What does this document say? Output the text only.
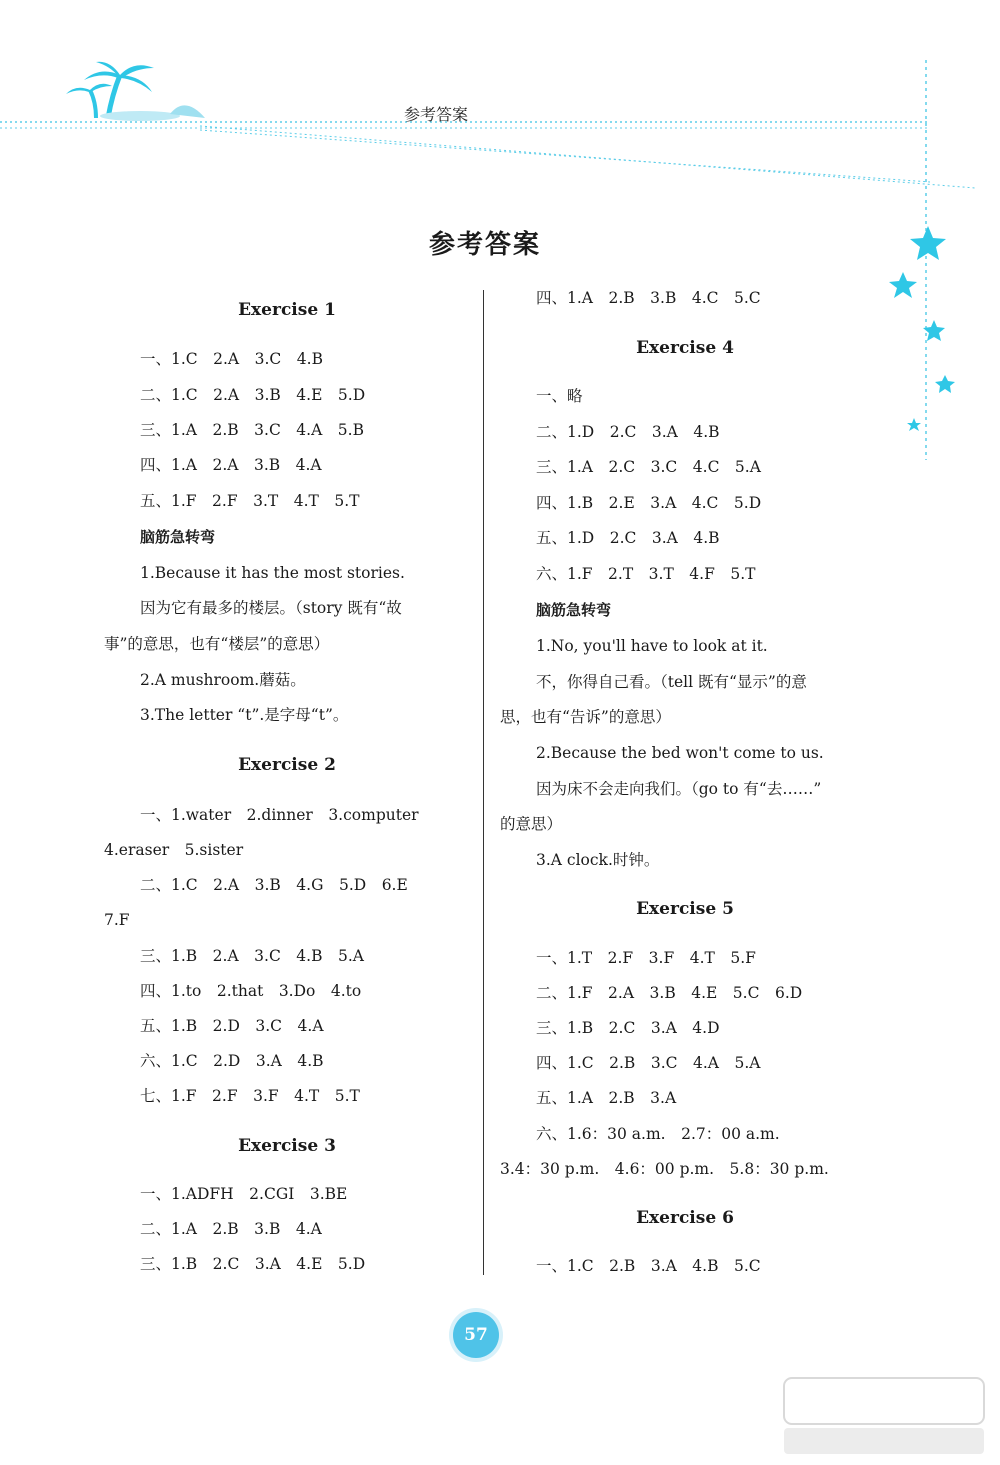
参考答案
参考答案
Exercise 1
一、1.C　2.A　3.C　4.B
二、1.C　2.A　3.B　4.E　5.D
三、1.A　2.B　3.C　4.A　5.B
四、1.A　2.A　3.B　4.A
五、1.F　2.F　3.T　4.T　5.T
脑筋急转弯
1.Because it has the most stories.
因为它有最多的楼层。（story 既有“故
事”的意思，也有“楼层”的意思）
2.A mushroom.蘑菇。
3.The letter “t”.是字母“t”。
Exercise 2
一、1.water　2.dinner　3.computer
4.eraser　5.sister
二、1.C　2.A　3.B　4.G　5.D　6.E
7.F
三、1.B　2.A　3.C　4.B　5.A
四、1.to　2.that　3.Do　4.to
五、1.B　2.D　3.C　4.A
六、1.C　2.D　3.A　4.B
七、1.F　2.F　3.F　4.T　5.T
Exercise 3
一、1.ADFH　2.CGI　3.BE
二、1.A　2.B　3.B　4.A
三、1.B　2.C　3.A　4.E　5.D
四、1.A　2.B　3.B　4.C　5.C
Exercise 4
一、略
二、1.D　2.C　3.A　4.B
三、1.A　2.C　3.C　4.C　5.A
四、1.B　2.E　3.A　4.C　5.D
五、1.D　2.C　3.A　4.B
六、1.F　2.T　3.T　4.F　5.T
脑筋急转弯
1.No, you'll have to look at it.
不，你得自己看。（tell 既有“显示”的意
思，也有“告诉”的意思）
2.Because the bed won't come to us.
因为床不会走向我们。（go to 有“去……”
的意思）
3.A clock.时钟。
Exercise 5
一、1.T　2.F　3.F　4.T　5.F
二、1.F　2.A　3.B　4.E　5.C　6.D
三、1.B　2.C　3.A　4.D
四、1.C　2.B　3.C　4.A　5.A
五、1.A　2.B　3.A
六、1.6：30 a.m.　2.7：00 a.m.
3.4：30 p.m.　4.6：00 p.m.　5.8：30 p.m.
Exercise 6
一、1.C　2.B　3.A　4.B　5.C
57
